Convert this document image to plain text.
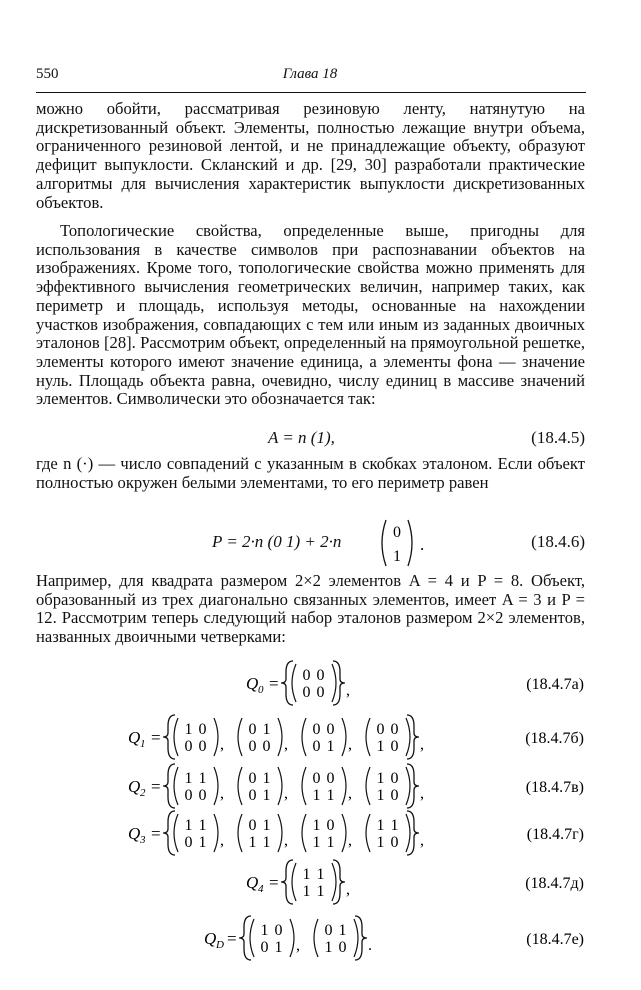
550	Глава 18
можно обойти, рассматривая резиновую ленту, натянутую на дискретизованный объект. Элементы, полностью лежащие внутри объема, ограниченного резиновой лентой, и не принадлежащие объекту, образуют дефицит выпуклости. Скланский и др. [29, 30] разработали практические алгоритмы для вычисления характеристик выпуклости дискретизованных объектов.
Топологические свойства, определенные выше, пригодны для использования в качестве символов при распознавании объектов на изображениях. Кроме того, топологические свойства можно применять для эффективного вычисления геометрических величин, например таких, как периметр и площадь, используя методы, основанные на нахождении участков изображения, совпадающих с тем или иным из заданных двоичных эталонов [28]. Рассмотрим объект, определенный на прямоугольной решетке, элементы которого имеют значение единица, а элементы фона — значение нуль. Площадь объекта равна, очевидно, числу единиц в массиве значений элементов. Символически это обозначается так:
A = n (1),	(18.4.5)
где n (·) — число совпадений с указанным в скобках эталоном. Если объект полностью окружен белыми элементами, то его периметр равен
P = 2·n (0 1) + 2·n	0
1
.	(18.4.6)
Например, для квадрата размером 2×2 элементов A = 4 и P = 8. Объект, образованный из трех диагонально связанных элементов, имеет A = 3 и P = 12. Рассмотрим теперь следующий набор эталонов размером 2×2 элементов, названных двоичными четверками:
Q 0 = 0 0
0 0 ,	(18.4.7а)
Q 1 = 1 0
0 0 ,
0 1
0 0 ,
0 0
0 1 ,
0 0
1 0 ,	(18.4.7б)
Q 2 = 1 1
0 0 ,
0 1
0 1 ,
0 0
1 1 ,
1 0
1 0 ,	(18.4.7в)
Q 3 = 1 1
0 1 ,
0 1
1 1 ,
1 0
1 1 ,
1 1
1 0 ,	(18.4.7г)
Q 4 = 1 1
1 1 ,	(18.4.7д)
Q D = 1 0
0 1 ,
0 1
1 0 .	(18.4.7е)
